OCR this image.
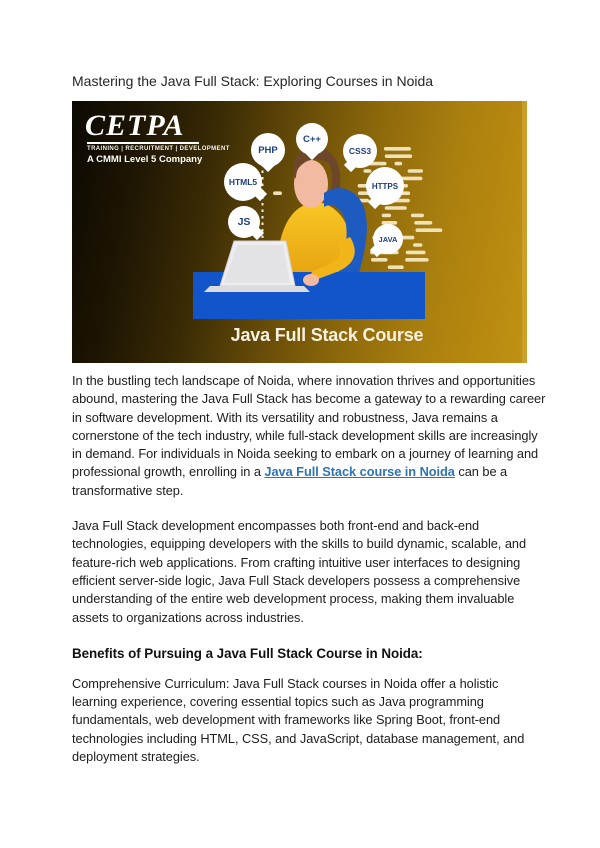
Mastering the Java Full Stack: Exploring Courses in Noida
CETPA
TRAINING | RECRUITMENT | DEVELOPMENT
A CMMI Level 5 Company
PHP
C++
CSS3
HTML5	HTTPS
JS
JAVA
Java Full Stack Course

In the bustling tech landscape of Noida, where innovation thrives and opportunities abound, mastering the Java Full Stack has become a gateway to a rewarding career in software development. With its versatility and robustness, Java remains a cornerstone of the tech industry, while full-stack development skills are increasingly in demand. For individuals in Noida seeking to embark on a journey of learning and professional growth, enrolling in a Java Full Stack course in Noida can be a transformative step.

Java Full Stack development encompasses both front-end and back-end technologies, equipping developers with the skills to build dynamic, scalable, and feature-rich web applications. From crafting intuitive user interfaces to designing efficient server-side logic, Java Full Stack developers possess a comprehensive understanding of the entire web development process, making them invaluable assets to organizations across industries.

Benefits of Pursuing a Java Full Stack Course in Noida:

Comprehensive Curriculum: Java Full Stack courses in Noida offer a holistic learning experience, covering essential topics such as Java programming fundamentals, web development with frameworks like Spring Boot, front-end technologies including HTML, CSS, and JavaScript, database management, and deployment strategies.
